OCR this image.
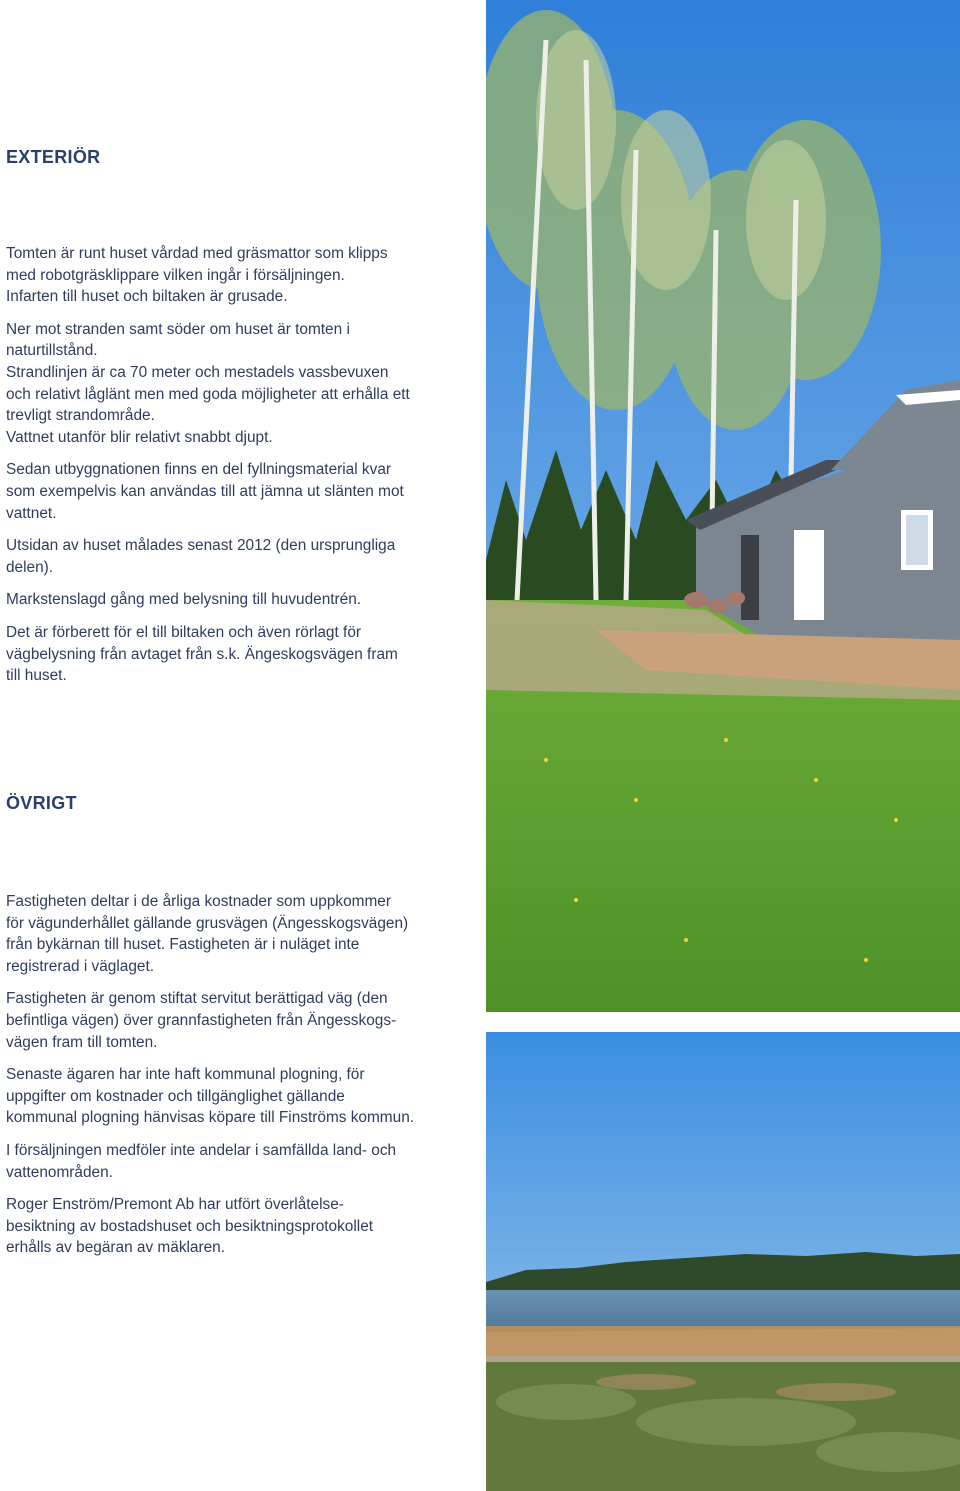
EXTERIÖR

Tomten är runt huset vårdad med gräsmattor som klipps
med robotgräsklippare vilken ingår i försäljningen.
Infarten till huset och biltaken är grusade.

Ner mot stranden samt söder om huset är tomten i
naturtillstånd.
Strandlinjen är ca 70 meter och mestadels vassbevuxen
och relativt låglänt men med goda möjligheter att erhålla ett
trevligt strandområde.
Vattnet utanför blir relativt snabbt djupt.

Sedan utbyggnationen finns en del fyllningsmaterial kvar
som exempelvis kan användas till att jämna ut slänten mot
vattnet.

Utsidan av huset målades senast 2012 (den ursprungliga
delen).

Markstenslagd gång med belysning till huvudentrén.

Det är förberett för el till biltaken och även rörlagt för
vägbelysning från avtaget från s.k. Ängeskogsvägen fram
till huset.

ÖVRIGT

Fastigheten deltar i de årliga kostnader som uppkommer
för vägunderhållet gällande grusvägen (Ängesskogsvägen)
från bykärnan till huset. Fastigheten är i nuläget inte
registrerad i väglaget.

Fastigheten är genom stiftat servitut berättigad väg (den
befintliga vägen) över grannfastigheten från Ängesskogs-
vägen fram till tomten.

Senaste ägaren har inte haft kommunal plogning, för
uppgifter om kostnader och tillgänglighet gällande
kommunal plogning hänvisas köpare till Finströms kommun.

I försäljningen medföler inte andelar i samfällda land- och
vattenområden.

Roger Enström/Premont Ab har utfört överlåtelse-
besiktning av bostadshuset och besiktningsprotokollet
erhålls av begäran av mäklaren.
